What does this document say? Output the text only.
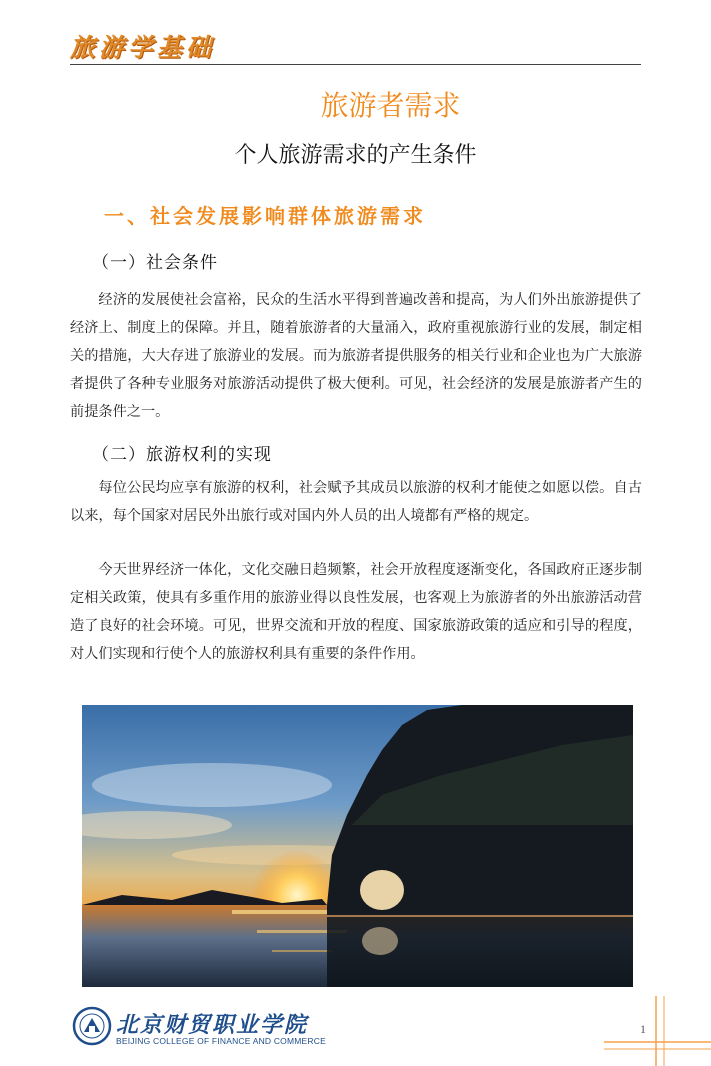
旅游学基础
旅游者需求
个人旅游需求的产生条件
一、社会发展影响群体旅游需求
（一）社会条件

经济的发展使社会富裕，民众的生活水平得到普遍改善和提高，为人们外出旅游提供了经济上、制度上的保障。并且，随着旅游者的大量涌入，政府重视旅游行业的发展，制定相关的措施，大大存进了旅游业的发展。而为旅游者提供服务的相关行业和企业也为广大旅游者提供了各种专业服务对旅游活动提供了极大便利。可见，社会经济的发展是旅游者产生的前提条件之一。

（二）旅游权利的实现

每位公民均应享有旅游的权利，社会赋予其成员以旅游的权利才能使之如愿以偿。自古以来，每个国家对居民外出旅行或对国内外人员的出人境都有严格的规定。

今天世界经济一体化，文化交融日趋频繁，社会开放程度逐渐变化，各国政府正逐步制定相关政策，使具有多重作用的旅游业得以良性发展，也客观上为旅游者的外出旅游活动营造了良好的社会环境。可见，世界交流和开放的程度、国家旅游政策的适应和引导的程度，对人们实现和行使个人的旅游权利具有重要的条件作用。

北京财贸职业学院
BEIJING COLLEGE OF FINANCE AND COMMERCE
1
